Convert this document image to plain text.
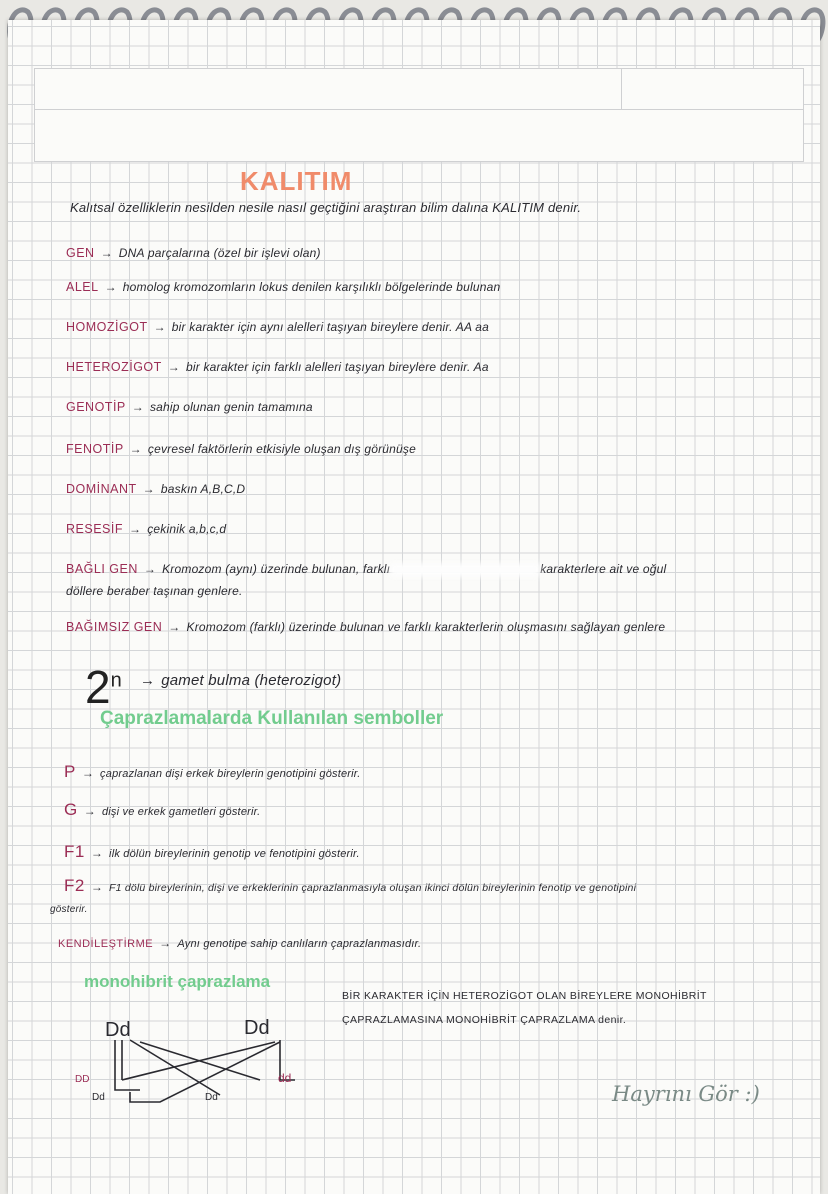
KALITIM
Kalıtsal özelliklerin nesilden nesile nasıl geçtiğini araştıran bilim dalına KALITIM denir.
GEN → DNA parçalarına (özel bir işlevi olan)
ALEL → homolog kromozomların lokus denilen karşılıklı bölgelerinde bulunan
HOMOZİGOT → bir karakter için aynı alelleri taşıyan bireylere denir. AA aa
HETEROZİGOT → bir karakter için farklı alelleri taşıyan bireylere denir. Aa
GENOTİP → sahip olunan genin tamamına
FENOTİP → çevresel faktörlerin etkisiyle oluşan dış görünüşe
DOMİNANT → baskın A,B,C,D
RESESİF → çekinik a,b,c,d
BAĞLI GEN → Kromozom (aynı) üzerinde bulunan, farklı	karakterlere ait ve oğul
döllere beraber taşınan genlere.
BAĞIMSIZ GEN → Kromozom (farklı) üzerinde bulunan ve farklı karakterlerin oluşmasını sağlayan genlere
$2^n$ → gamet bulma (heterozigot)
Çaprazlamalarda Kullanılan semboller
P → çaprazlanan dişi erkek bireylerin genotipini gösterir.
G → dişi ve erkek gametleri gösterir.
F1 → ilk dölün bireylerinin genotip ve fenotipini gösterir.
F2 → F1 dölü bireylerinin, dişi ve erkeklerinin çaprazlanmasıyla oluşan ikinci dölün bireylerinin fenotip ve genotipini
gösterir.
KENDİLEŞTİRME → Aynı genotipe sahip canlıların çaprazlanmasıdır.
monohibrit çaprazlama
BİR KARAKTER İÇİN HETEROZİGOT OLAN BİREYLERE MONOHİBRİT
ÇAPRAZLAMASINA MONOHİBRİT ÇAPRAZLAMA denir.
Dd	Dd
DD
Dd	Dd
dd
Hayrını Gör :)
